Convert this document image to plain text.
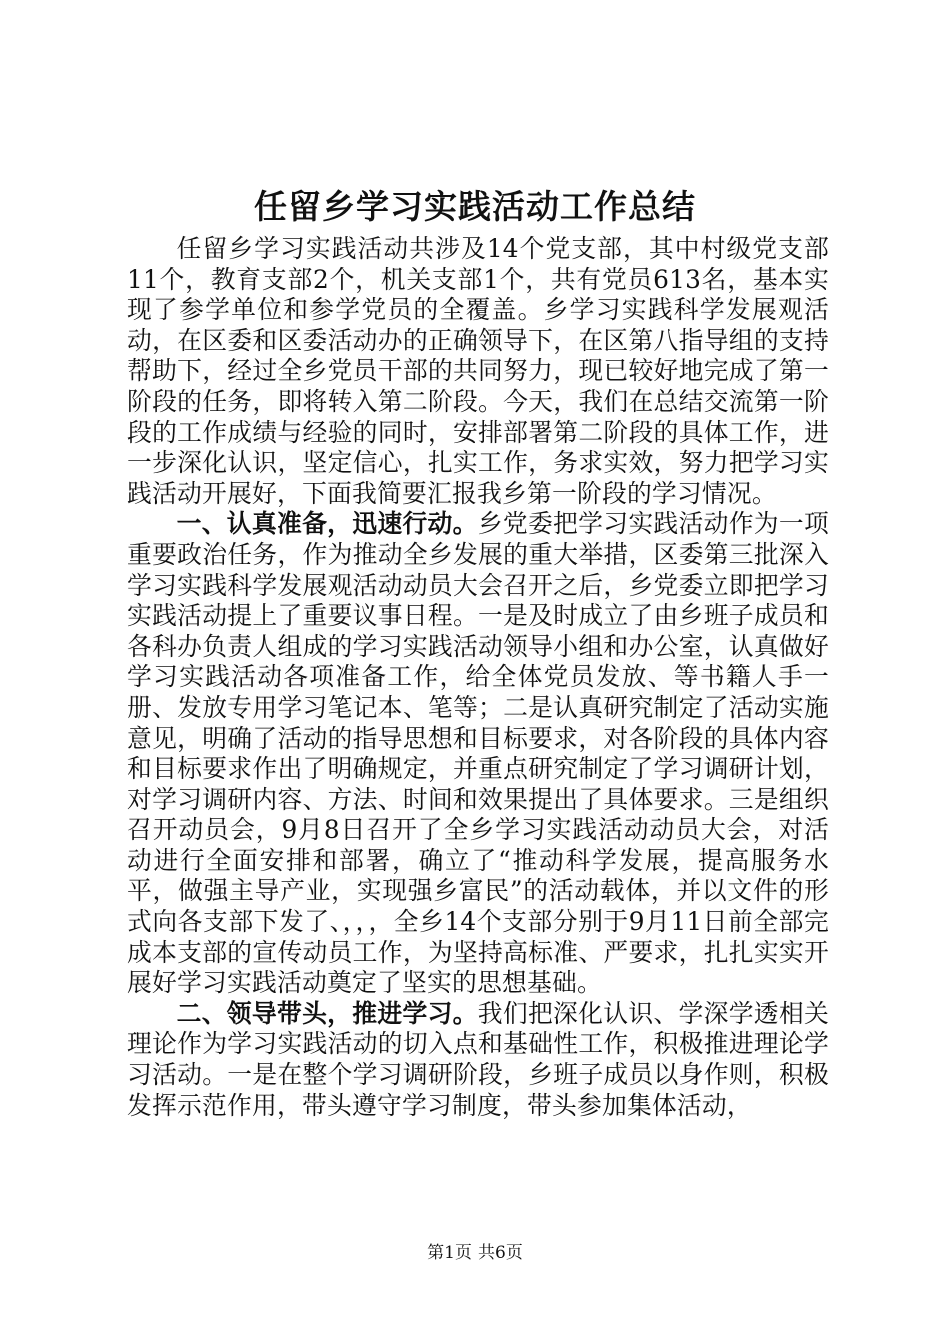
任留乡学习实践活动工作总结

任留乡学习实践活动共涉及14个党支部，其中村级党支部11个，教育支部2个，机关支部1个，共有党员613名，基本实现了参学单位和参学党员的全覆盖。乡学习实践科学发展观活动，在区委和区委活动办的正确领导下，在区第八指导组的支持帮助下，经过全乡党员干部的共同努力，现已较好地完成了第一阶段的任务，即将转入第二阶段。今天，我们在总结交流第一阶段的工作成绩与经验的同时，安排部署第二阶段的具体工作，进一步深化认识，坚定信心，扎实工作，务求实效，努力把学习实践活动开展好，下面我简要汇报我乡第一阶段的学习情况。

一、认真准备，迅速行动。乡党委把学习实践活动作为一项重要政治任务，作为推动全乡发展的重大举措，区委第三批深入学习实践科学发展观活动动员大会召开之后，乡党委立即把学习实践活动提上了重要议事日程。一是及时成立了由乡班子成员和各科办负责人组成的学习实践活动领导小组和办公室，认真做好学习实践活动各项准备工作，给全体党员发放、等书籍人手一册、发放专用学习笔记本、笔等；二是认真研究制定了活动实施意见，明确了活动的指导思想和目标要求，对各阶段的具体内容和目标要求作出了明确规定，并重点研究制定了学习调研计划，对学习调研内容、方法、时间和效果提出了具体要求。三是组织召开动员会，9月8日召开了全乡学习实践活动动员大会，对活动进行全面安排和部署，确立了“推动科学发展，提高服务水平，做强主导产业，实现强乡富民”的活动载体，并以文件的形式向各支部下发了、，，，全乡14个支部分别于9月11日前全部完成本支部的宣传动员工作，为坚持高标准、严要求，扎扎实实开展好学习实践活动奠定了坚实的思想基础。

二、领导带头，推进学习。我们把深化认识、学深学透相关理论作为学习实践活动的切入点和基础性工作，积极推进理论学习活动。一是在整个学习调研阶段，乡班子成员以身作则，积极发挥示范作用，带头遵守学习制度，带头参加集体活动，

第1页 共6页
